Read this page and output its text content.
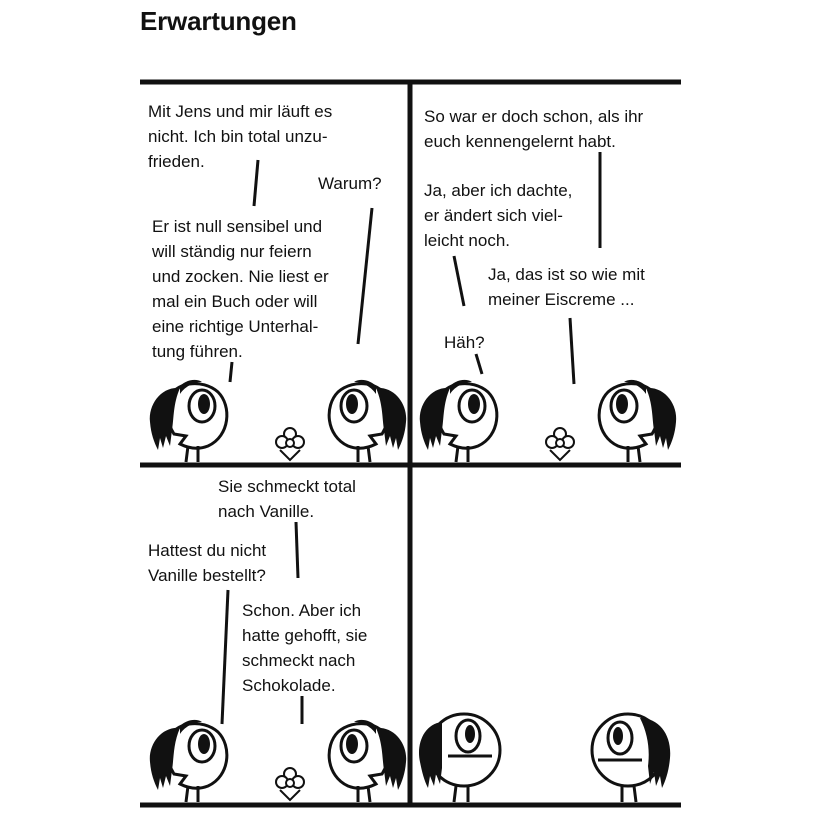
Erwartungen
Mit Jens und mir läuft es
nicht. Ich bin total unzu-
frieden.
Warum?
Er ist null sensibel und
will ständig nur feiern
und zocken. Nie liest er
mal ein Buch oder will
eine richtige Unterhal-
tung führen.
So war er doch schon, als ihr
euch kennengelernt habt.
Ja, aber ich dachte,
er ändert sich viel-
leicht noch.
Ja, das ist so wie mit
meiner Eiscreme ...
Häh?
Sie schmeckt total
nach Vanille.
Hattest du nicht
Vanille bestellt?
Schon. Aber ich
hatte gehofft, sie
schmeckt nach
Schokolade.
